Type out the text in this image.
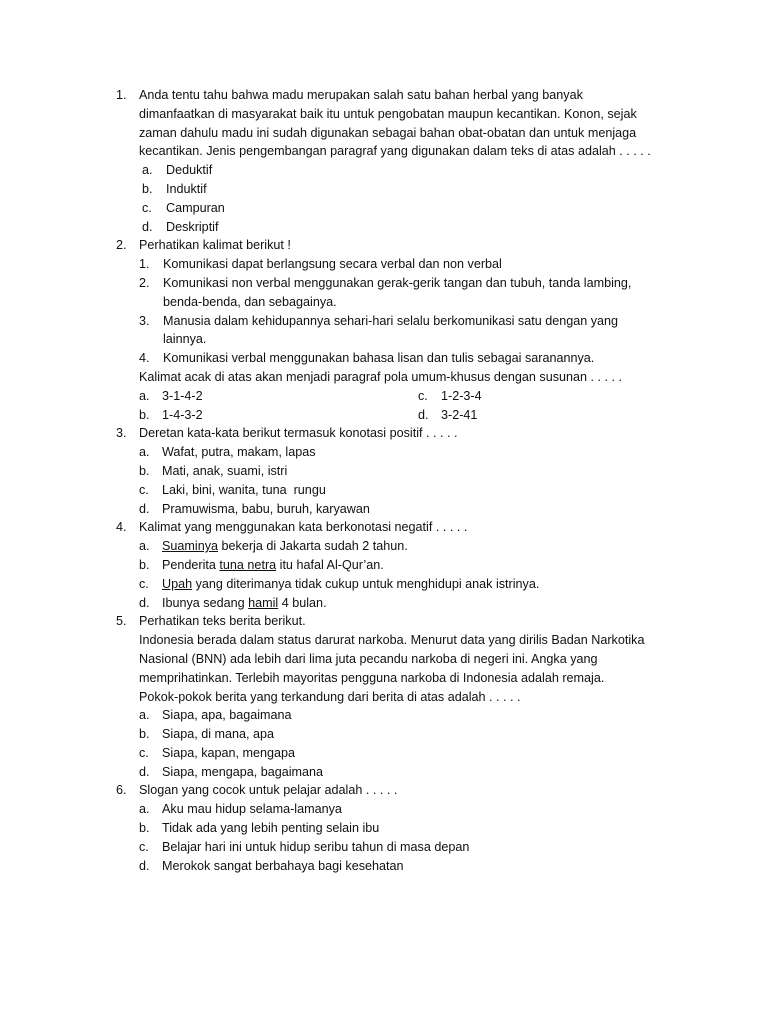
1. Anda tentu tahu bahwa madu merupakan salah satu bahan herbal yang banyak
dimanfaatkan di masyarakat baik itu untuk pengobatan maupun kecantikan. Konon, sejak
zaman dahulu madu ini sudah digunakan sebagai bahan obat-obatan dan untuk menjaga
kecantikan. Jenis pengembangan paragraf yang digunakan dalam teks di atas adalah . . . . .
a.	Deduktif
b.	Induktif
c.	Campuran
d.	Deskriptif
2. Perhatikan kalimat berikut !
1.	Komunikasi dapat berlangsung secara verbal dan non verbal
2.	Komunikasi non verbal menggunakan gerak-gerik tangan dan tubuh, tanda lambing,
benda-benda, dan sebagainya.
3.	Manusia dalam kehidupannya sehari-hari selalu berkomunikasi satu dengan yang
lainnya.
4.	Komunikasi verbal menggunakan bahasa lisan dan tulis sebagai saranannya.
Kalimat acak di atas akan menjadi paragraf pola umum-khusus dengan susunan . . . . .
a. 3-1-4-2	c. 1-2-3-4
b. 1-4-3-2	d. 3-2-41
3. Deretan kata-kata berikut termasuk konotasi positif . . . . .
a. Wafat, putra, makam, lapas
b. Mati, anak, suami, istri
c.	Laki, bini, wanita, tuna  rungu
d. Pramuwisma, babu, buruh, karyawan
4. Kalimat yang menggunakan kata berkonotasi negatif . . . . .
a. Suaminya bekerja di Jakarta sudah 2 tahun.
b. Penderita tuna netra itu hafal Al-Qur’an.
c.	Upah yang diterimanya tidak cukup untuk menghidupi anak istrinya.
d. Ibunya sedang hamil 4 bulan.
5. Perhatikan teks berita berikut.
Indonesia berada dalam status darurat narkoba. Menurut data yang dirilis Badan Narkotika
Nasional (BNN) ada lebih dari lima juta pecandu narkoba di negeri ini. Angka yang
memprihatinkan. Terlebih mayoritas pengguna narkoba di Indonesia adalah remaja.
Pokok-pokok berita yang terkandung dari berita di atas adalah . . . . .
a. Siapa, apa, bagaimana
b. Siapa, di mana, apa
c.	Siapa, kapan, mengapa
d. Siapa, mengapa, bagaimana
6. Slogan yang cocok untuk pelajar adalah . . . . .
a. Aku mau hidup selama-lamanya
b. Tidak ada yang lebih penting selain ibu
c.	Belajar hari ini untuk hidup seribu tahun di masa depan
d. Merokok sangat berbahaya bagi kesehatan
